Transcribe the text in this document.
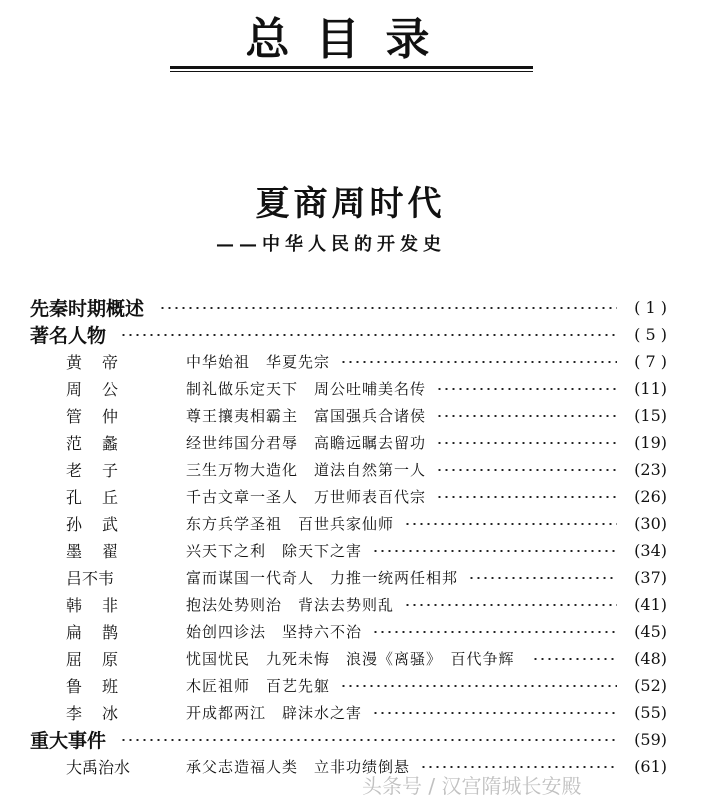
总目录
夏商周时代
——中华人民的开发史
先秦时期概述	( 1 )
著名人物	( 5 )
黄帝	中华始祖　华夏先宗	( 7 )
周公	制礼做乐定天下　周公吐哺美名传	(11)
管仲	尊王攘夷相霸主　富国强兵合诸侯	(15)
范蠡	经世纬国分君辱　高瞻远瞩去留功	(19)
老子	三生万物大造化　道法自然第一人	(23)
孔丘	千古文章一圣人　万世师表百代宗	(26)
孙武	东方兵学圣祖　百世兵家仙师	(30)
墨翟	兴天下之利　除天下之害	(34)
吕不韦	富而谋国一代奇人　力推一统两任相邦	(37)
韩非	抱法处势则治　背法去势则乱	(41)
扁鹊	始创四诊法　坚持六不治	(45)
屈原	忧国忧民　九死未悔　浪漫《离骚》　百代争辉	(48)
鲁班	木匠祖师　百艺先躯	(52)
李冰	开成都两江　辟沫水之害	(55)
重大事件	(59)
大禹治水	承父志造福人类　立非功绩倒悬	(61)
头条号 / 汉宫隋城长安殿
